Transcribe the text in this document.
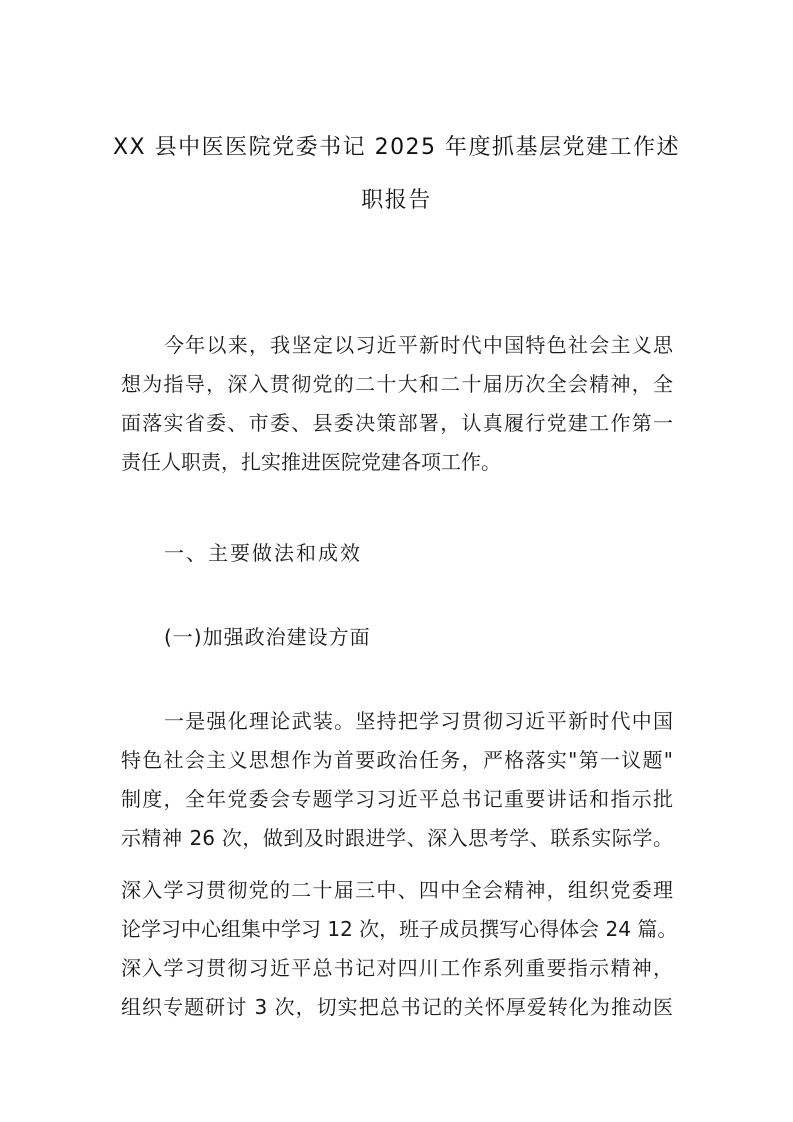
XX 县中医医院党委书记 2025 年度抓基层党建工作述
职报告
今年以来，我坚定以习近平新时代中国特色社会主义思
想为指导，深入贯彻党的二十大和二十届历次全会精神，全
面落实省委、市委、县委决策部署，认真履行党建工作第一
责任人职责，扎实推进医院党建各项工作。
一、主要做法和成效
(一)加强政治建设方面
一是强化理论武装。坚持把学习贯彻习近平新时代中国
特色社会主义思想作为首要政治任务，严格落实"第一议题"
制度，全年党委会专题学习习近平总书记重要讲话和指示批
示精神 26 次，做到及时跟进学、深入思考学、联系实际学。
深入学习贯彻党的二十届三中、四中全会精神，组织党委理
论学习中心组集中学习 12 次，班子成员撰写心得体会 24 篇。
深入学习贯彻习近平总书记对四川工作系列重要指示精神，
组织专题研讨 3 次，切实把总书记的关怀厚爱转化为推动医
